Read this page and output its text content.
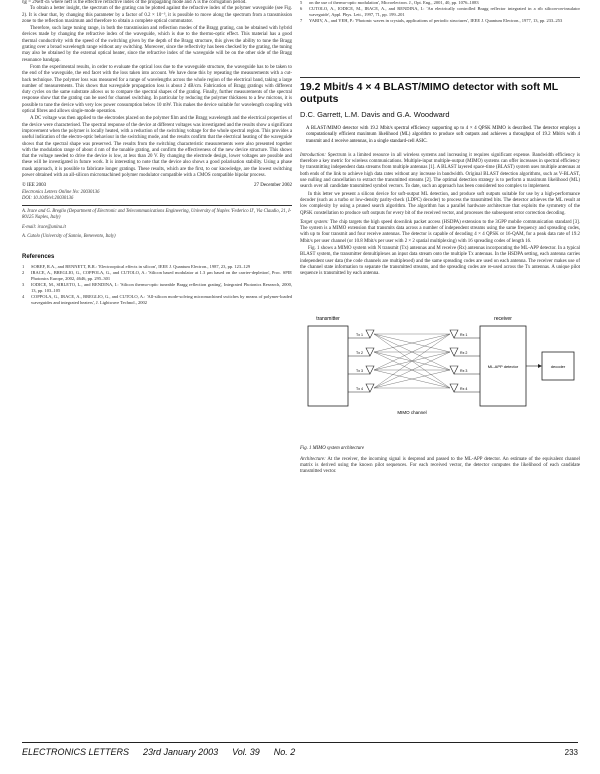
ηg = 2Neff·dλ where neff is the effective refractive index of the propagating mode and Λ is the corrugation period.

To obtain a better insight, the spectrum of the grating can be plotted against the refractive index of the polymer waveguide (see Fig. 2). It is clear that, by changing this parameter by a factor of 0.2 × 10⁻³, it is possible to move along the spectrum from a transmission zone to the reflection maximum and therefore to obtain a complete optical commutator.

Therefore, such large tuning range, in both the transmission and reflection modes of the Bragg grating, can be obtained with hybrid devices made by changing the refractive index of the waveguide, which is due to the thermo-optic effect. This material has a good thermal conductivity with the speed of the switching given by the depth of the Bragg structure, this gives the ability to tune the Bragg grating over a broad wavelength range without any switching. Moreover, since the reflectivity has been checked by the grating, the tuning may also be obtained by the external optical heater, since the refractive index of the waveguide will be on the other side of the Bragg resonance bandgap.

From the experimental results, in order to evaluate the optical loss due to the waveguide structure, the waveguide has to be taken to the end of the waveguide, the end facet with the loss taken into account. We have done this by repeating the measurements with a cut-back technique. The polymer loss was measured for a range of wavelengths across the whole region of the electrical band, taking a large number of measurements. This shows that waveguide propagation loss is about 2 dB/cm. Fabrication of Bragg gratings with different duty cycles on the same substrate allows us to compare the spectral shapes of the grating. Finally, further measurements of the spectral response show that the grating can be used for channel switching. In particular by reducing the polymer thickness to a few microns, it is possible to tune the device with very low power consumption below 10 mW. This makes the device suitable for wavelength coupling with optical fibres and allows single-mode operation.

A DC voltage was then applied to the electrodes placed on the polymer film and the Bragg wavelength and the electrical properties of the device were characterised. The spectral response of the device at different voltages was investigated and the results show a significant improvement when the polymer is locally heated, with a reduction of the switching voltage for the whole spectral region. This provides a useful indication of the electro-optic behaviour in the switching mode, and the results confirm that the electrical heating of the waveguide shows that the spectral shape was preserved. The results from the switching characteristic measurements were also presented together with the modulation range of about 4 nm of the tunable grating, and confirm the effectiveness of the new device structure. This shows that the voltage needed to drive the device is low, at less than 20 V. By changing the electrode design, lower voltages are possible and these will be investigated in future work. It is interesting to note that the device also shows a good polarisation stability. Using a phase mask approach, it is possible to fabricate longer gratings. These results, which are the first, to our knowledge, are the lowest switching power obtained with an all-silicon micromachined polymer modulator compatible with a CMOS compatible bipolar process.

© IEE 2003	27 December 2002
Electronics Letters Online No: 20030136
DOI: 10.1049/el:20030136
A. Irace and G. Breglio (Department of Electronic and Telecommunications Engineering, University of Naples 'Federico II', Via Claudio, 21, I-80125 Naples, Italy)
E-mail: irace@unina.it
A. Cutolo (University of Sannio, Benevento, Italy)
References
1	SOREF, R.A., and BENNETT, B.R.: 'Electrooptical effects in silicon', IEEE J. Quantum Electron., 1987, 23, pp. 123–129
2	IRACE, A., BREGLIO, G., COPPOLA, G., and CUTOLO, A.: 'Silicon based modulator at 1.3 μm based on the carrier-depletion', Proc. SPIE Photonics Europe, 2002, 4646, pp. 295–301
3	IODICE, M., SIRLETO, L., and RENDINA, I.: 'Silicon thermo-optic tuneable Bragg reflection grating', Integrated Photonics Research, 2000, 13, pp. 103–105
4	COPPOLA, G., IRACE, A., BREGLIO, G., and CUTOLO, A.: 'All-silicon mode-solving micromachined switches by means of polymer-loaded waveguides and integrated heaters', J. Lightwave Technol., 2002
5	on the use of thermo-optic modulation', Microelectron. J., Opt. Eng., 2001, 40, pp. 1076–1083
6	CUTOLO, A., IODICE, M., IRACE, A., and RENDINA, I.: 'An electrically controlled Bragg reflector integrated in a rib silicon-on-insulator waveguide', Appl. Phys. Lett., 1997, 71, pp. 199–201
7	YARIV, A., and YEH, P.: 'Photonic waves in crystals, applications of periodic structures', IEEE J. Quantum Electron., 1977, 13, pp. 233–253
19.2 Mbit/s 4 × 4 BLAST/MIMO detector with soft ML outputs
D.C. Garrett, L.M. Davis and G.A. Woodward

A BLAST/MIMO detector with 19.2 Mbit/s spectral efficiency supporting up to 4 × 4 QPSK MIMO is described. The detector employs a computationally efficient maximum likelihood (ML) algorithm to produce soft outputs and achieves a throughput of 19.2 Mbit/s with 4 transmit and 4 receive antennas, in a single standard-cell ASIC.

Introduction: Spectrum is a limited resource in all wireless systems and increasing it requires significant expense. Bandwidth efficiency is therefore a key metric for wireless communications. Multiple-input multiple-output (MIMO) systems can offer increases in spectral efficiency by transmitting independent data streams from multiple antennas [1]. A BLAST layered space-time (BLAST) system uses multiple antennas at both ends of the link to achieve high data rates without any increase in bandwidth. Original BLAST detection algorithms, such as V-BLAST, use nulling and cancellation to extract the transmitted streams [2]. The optimal detection strategy is to perform a maximum likelihood (ML) search over all candidate transmitted symbol vectors. To date, such an approach has been considered too complex to implement.

In this letter we present a silicon device for soft-output ML detection, and produce soft outputs suitable for use by a high-performance decoder (such as a turbo or low-density parity-check (LDPC) decoder) to process the transmitted bits. The detector achieves the ML result at low complexity by using a pruned search algorithm. The algorithm has a parallel hardware architecture that exploits the symmetry of the QPSK constellation to produce soft outputs for every bit of the received vector, and processes the subsequent error correction decoding.

Target system: The chip targets the high speed downlink packet access (HSDPA) extension to the 3GPP mobile communication standard [3]. The system is a MIMO extension that transmits data across a number of independent streams using the same frequency and spreading codes, with up to four transmit and four receive antennas. The detector is capable of decoding 4 × 4 QPSK or 16-QAM, for a peak data rate of 19.2 Mbit/s per user channel (or 10.8 Mbit/s per user with 2 × 2 spatial multiplexing) with 16 spreading codes of length 16.

Fig. 1 shows a MIMO system with N transmit (Tx) antennas and M receive (Rx) antennas incorporating the ML-APP detector. In a typical BLAST system, the transmitter demultiplexes an input data stream onto the multiple Tx antennas. In the HSDPA setting, each antenna carries independent user data (the code channels are multiplexed) and the same spreading codes are used on each antenna. The receiver makes use of the channel state information to separate the transmitted streams, and the spreading codes are re-used across the Tx antennas. A unique pilot sequence is transmitted by each antenna.

transmitter
Tx 1
Tx 2
Tx 3
Tx 4
MIMO channel
Rx 1
Rx 2
Rx 3
Rx 4
receiver
ML-APP detector	decoder
Fig. 1 MIMO system architecture

Architecture: At the receiver, the incoming signal is despread and passed to the ML-APP detector. An estimate of the equivalent channel matrix is derived using the known pilot sequences. For each received vector, the detector computes the likelihood of each candidate transmitted vector.

ELECTRONICS LETTERS 23rd January 2003 Vol. 39 No. 2	233
